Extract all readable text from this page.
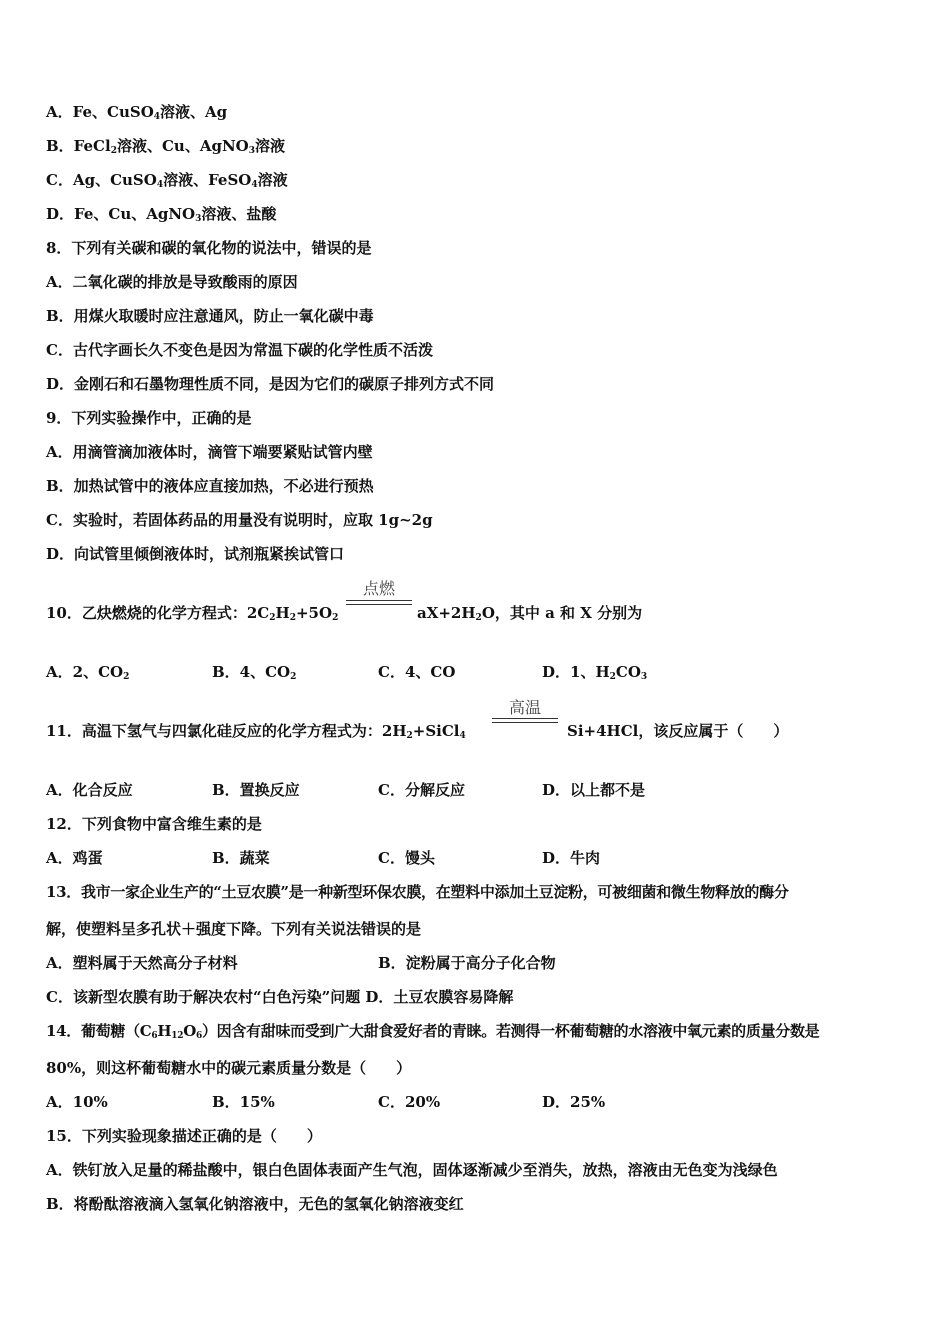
A．Fe、CuSO$_4$溶液、Ag
B．FeCl$_2$溶液、Cu、AgNO$_3$溶液
C．Ag、CuSO$_4$溶液、FeSO$_4$溶液
D．Fe、Cu、AgNO$_3$溶液、盐酸
8．下列有关碳和碳的氧化物的说法中，错误的是
A．二氧化碳的排放是导致酸雨的原因
B．用煤火取暖时应注意通风，防止一氧化碳中毒
C．古代字画长久不变色是因为常温下碳的化学性质不活泼
D．金刚石和石墨物理性质不同，是因为它们的碳原子排列方式不同
9．下列实验操作中，正确的是
A．用滴管滴加液体时，滴管下端要紧贴试管内壁
B．加热试管中的液体应直接加热，不必进行预热
C．实验时，若固体药品的用量没有说明时，应取 1g~2g
D．向试管里倾倒液体时，试剂瓶紧挨试管口
10．乙炔燃烧的化学方程式：$2C_2H_2+5O_2$
点燃
$aX+2H_2O$，其中 a 和 X 分别为
A．2、$CO_2$	B．4、$CO_2$	C．4、CO	D．1、$H_2CO_3$
11．高温下氢气与四氯化硅反应的化学方程式为：$2H_2+SiCl_4$
高温
Si+4HCl，该反应属于（　　）
A．化合反应	B．置换反应	C．分解反应	D．以上都不是
12．下列食物中富含维生素的是
A．鸡蛋	B．蔬菜	C．馒头	D．牛肉
13．我市一家企业生产的“土豆农膜”是一种新型环保农膜，在塑料中添加土豆淀粉，可被细菌和微生物释放的酶分
解，使塑料呈多孔状＋强度下降。下列有关说法错误的是
A．塑料属于天然高分子材料	B．淀粉属于高分子化合物
C．该新型农膜有助于解决农村“白色污染”问题 D．土豆农膜容易降解
14．葡萄糖$(C_6H_{12}O_6)$因含有甜味而受到广大甜食爱好者的青睐。若测得一杯葡萄糖的水溶液中氧元素的质量分数是
80%，则这杯葡萄糖水中的碳元素质量分数是（　　）
A．10%	B．15%	C．20%	D．25%
15．下列实验现象描述正确的是（　　）
A．铁钉放入足量的稀盐酸中，银白色固体表面产生气泡，固体逐渐减少至消失，放热，溶液由无色变为浅绿色
B．将酚酞溶液滴入氢氧化钠溶液中，无色的氢氧化钠溶液变红
